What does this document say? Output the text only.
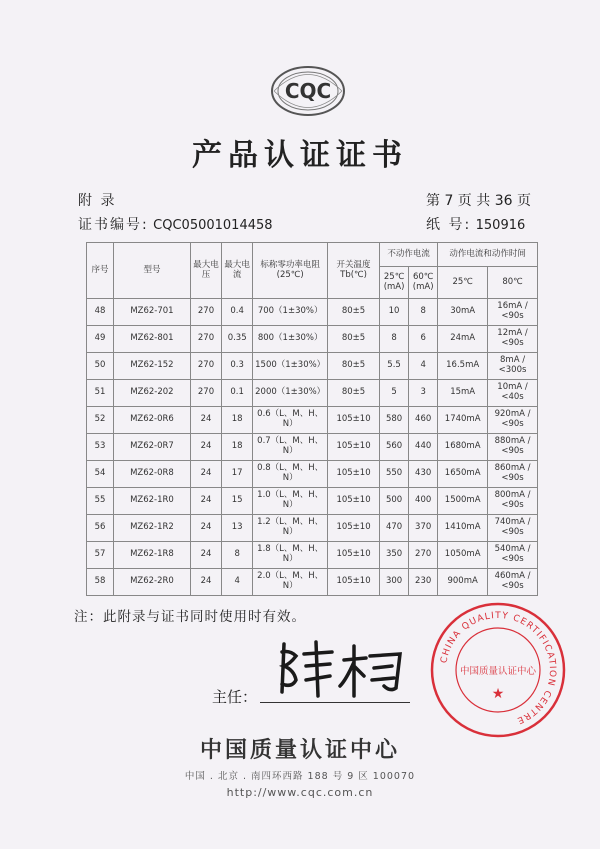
CQC
产品认证证书
附 录	第 7 页 共 36 页
证书编号: CQC05001014458	纸 号: 150916
序号	型号	最大电压	最大电流	标称零功率电阻(25℃)	开关温度Tb(℃)	不动作电流		动作电流和动作时间	
						25℃(mA)	60℃(mA)	25℃	80℃
48	MZ62-701	270	0.4	700（1±30%）	80±5	10	8	30mA	16mA / <90s
49	MZ62-801	270	0.35	800（1±30%）	80±5	8	6	24mA	12mA / <90s
50	MZ62-152	270	0.3	1500（1±30%）	80±5	5.5	4	16.5mA	8mA / <300s
51	MZ62-202	270	0.1	2000（1±30%）	80±5	5	3	15mA	10mA / <40s
52	MZ62-0R6	24	18	0.6（L、M、H、N）	105±10	580	460	1740mA	920mA / <90s
53	MZ62-0R7	24	18	0.7（L、M、H、N）	105±10	560	440	1680mA	880mA / <90s
54	MZ62-0R8	24	17	0.8（L、M、H、N）	105±10	550	430	1650mA	860mA / <90s
55	MZ62-1R0	24	15	1.0（L、M、H、N）	105±10	500	400	1500mA	800mA / <90s
56	MZ62-1R2	24	13	1.2（L、M、H、N）	105±10	470	370	1410mA	740mA / <90s
57	MZ62-1R8	24	8	1.8（L、M、H、N）	105±10	350	270	1050mA	540mA / <90s
58	MZ62-2R0	24	4	2.0（L、M、H、N）	105±10	300	230	900mA	460mA / <90s
注：此附录与证书同时使用时有效。
主任：
CHINA QUALITY CERTIFICATION CENTRE
中国质量认证中心
★
中国质量认证中心
中国 . 北京 . 南四环西路 188 号 9 区 100070
http://www.cqc.com.cn
